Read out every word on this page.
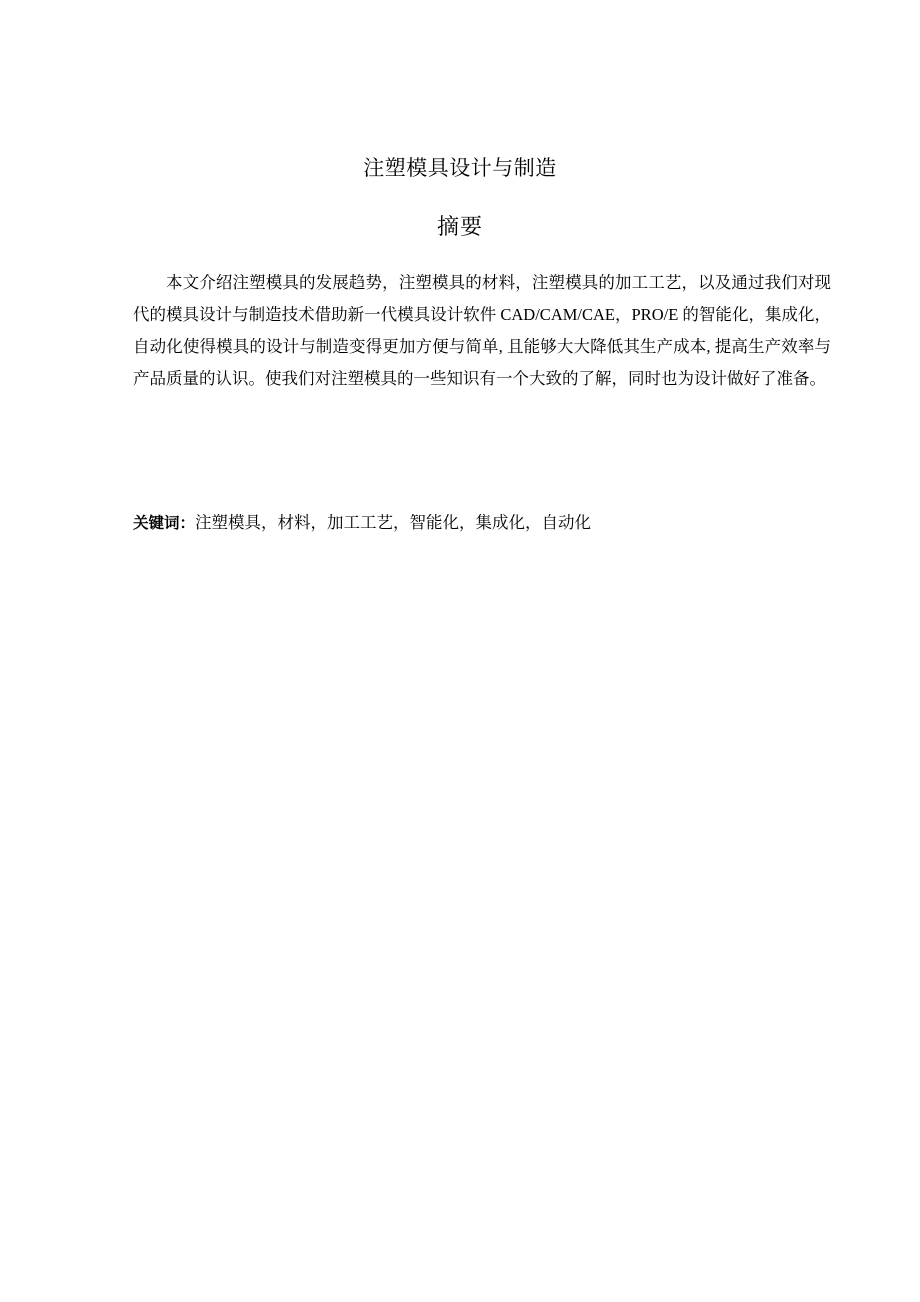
注塑模具设计与制造
摘要

本文介绍注塑模具的发展趋势，注塑模具的材料，注塑模具的加工工艺，以及通过我们对现代的模具设计与制造技术借助新一代模具设计软件 CAD/CAM/CAE，PRO/E 的智能化，集成化，自动化使得模具的设计与制造变得更加方便与简单, 且能够大大降低其生产成本, 提高生产效率与产品质量的认识。使我们对注塑模具的一些知识有一个大致的了解，同时也为设计做好了准备。

关键词：注塑模具，材料，加工工艺，智能化，集成化，自动化
